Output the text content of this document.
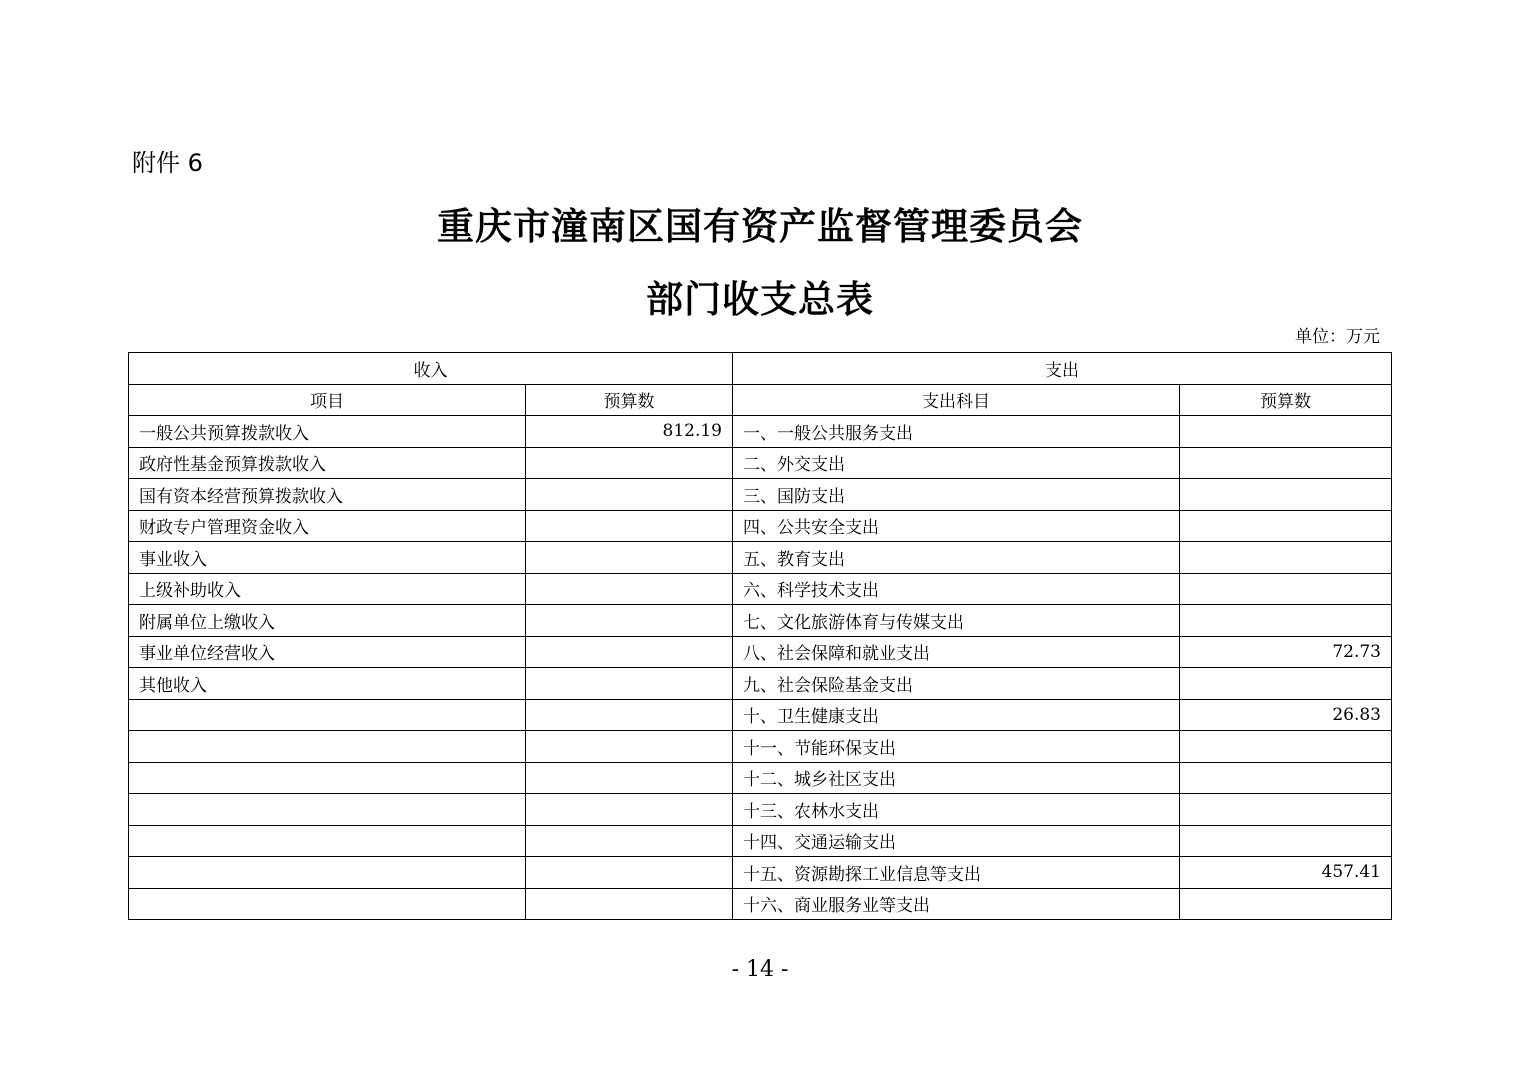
附件 6
重庆市潼南区国有资产监督管理委员会
部门收支总表
单位：万元
收入		支出	
项目	预算数	支出科目	预算数
一般公共预算拨款收入	812.19	一、一般公共服务支出	
政府性基金预算拨款收入		二、外交支出	
国有资本经营预算拨款收入		三、国防支出	
财政专户管理资金收入		四、公共安全支出	
事业收入		五、教育支出	
上级补助收入		六、科学技术支出	
附属单位上缴收入		七、文化旅游体育与传媒支出	
事业单位经营收入		八、社会保障和就业支出	72.73
其他收入		九、社会保险基金支出	
		十、卫生健康支出	26.83
		十一、节能环保支出	
		十二、城乡社区支出	
		十三、农林水支出	
		十四、交通运输支出	
		十五、资源勘探工业信息等支出	457.41
		十六、商业服务业等支出	
- 14 -
